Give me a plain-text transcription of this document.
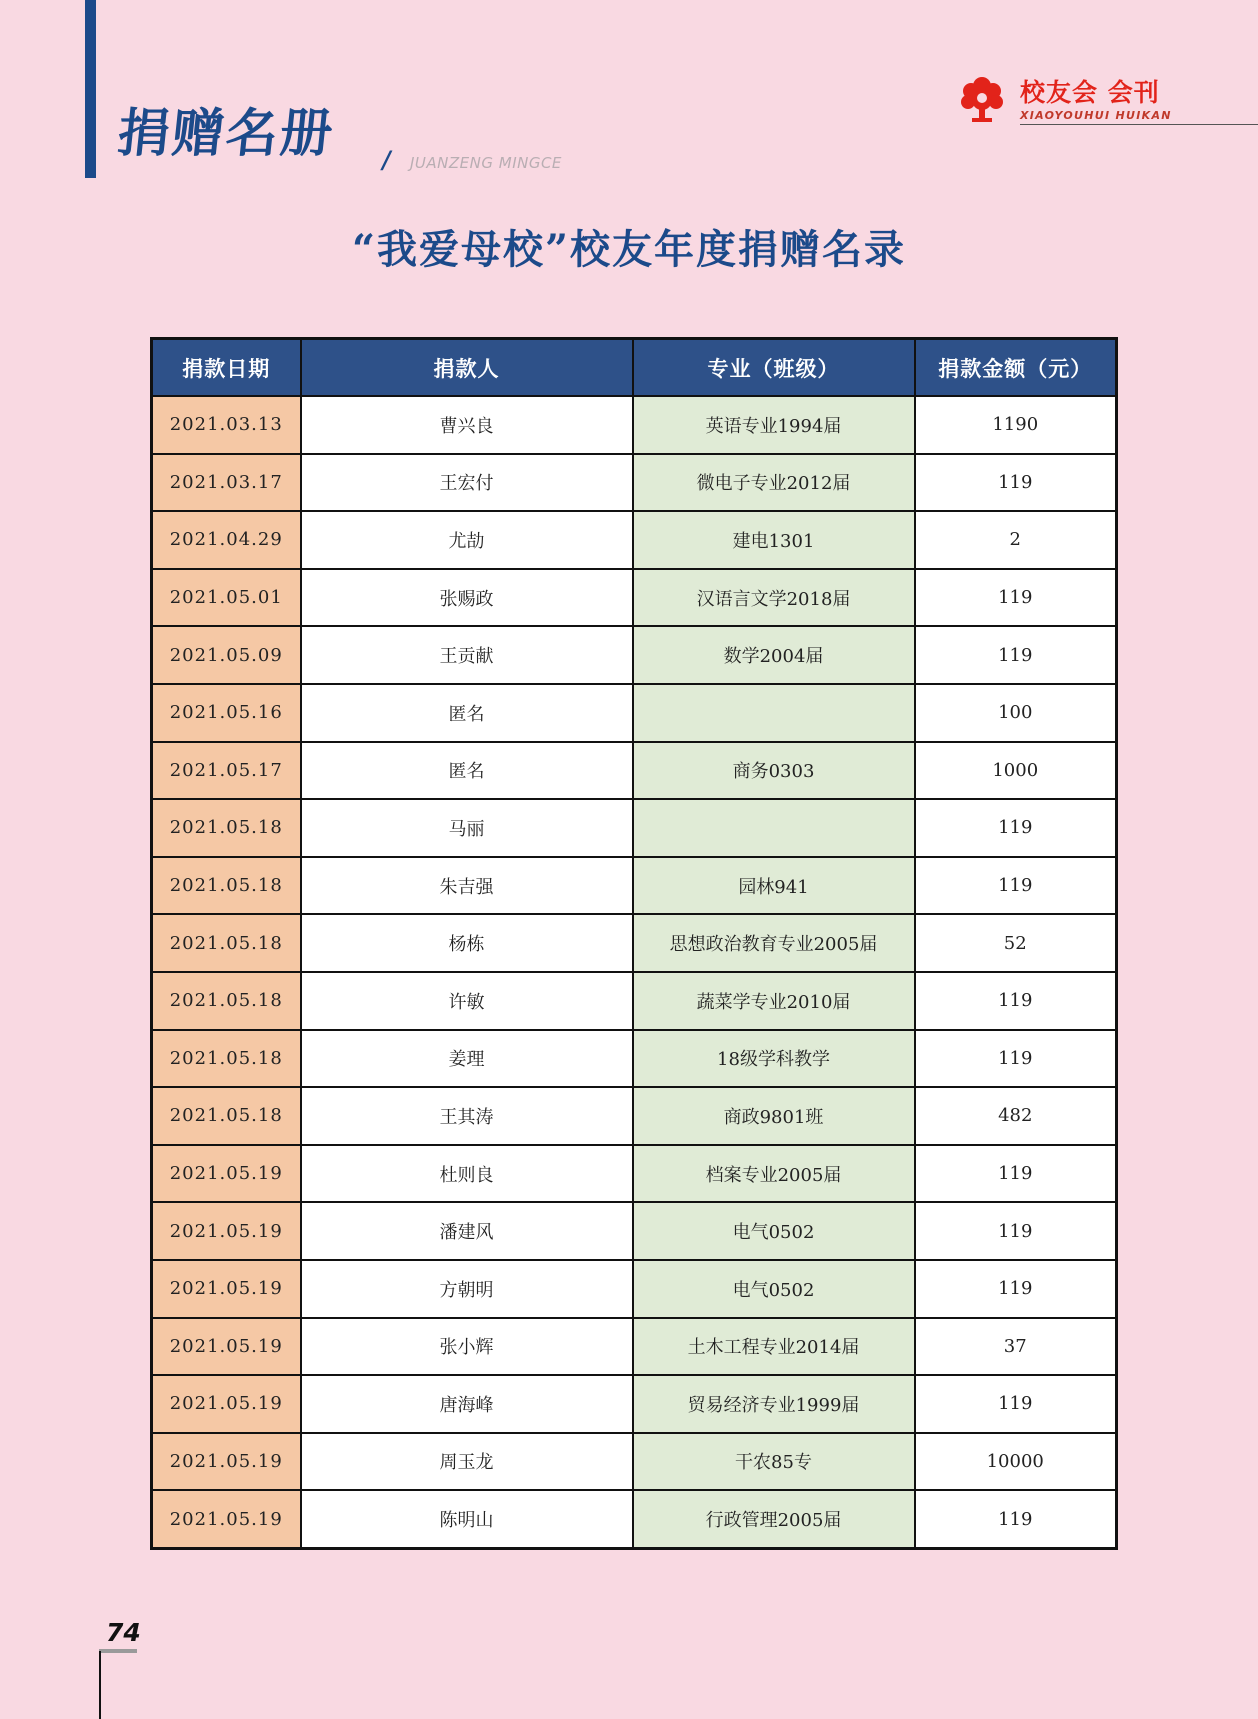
捐赠名册 / JUANZENG MINGCE
校友会 会刊
XIAOYOUHUI HUIKAN
“我爱母校”校友年度捐赠名录
捐款日期	捐款人	专业（班级）	捐款金额（元）
2021.03.13	曹兴良	英语专业1994届	1190
2021.03.17	王宏付	微电子专业2012届	119
2021.04.29	尤劼	建电1301	2
2021.05.01	张赐政	汉语言文学2018届	119
2021.05.09	王贡献	数学2004届	119
2021.05.16	匿名		100
2021.05.17	匿名	商务0303	1000
2021.05.18	马丽		119
2021.05.18	朱吉强	园林941	119
2021.05.18	杨栋	思想政治教育专业2005届	52
2021.05.18	许敏	蔬菜学专业2010届	119
2021.05.18	姜理	18级学科教学	119
2021.05.18	王其涛	商政9801班	482
2021.05.19	杜则良	档案专业2005届	119
2021.05.19	潘建风	电气0502	119
2021.05.19	方朝明	电气0502	119
2021.05.19	张小辉	土木工程专业2014届	37
2021.05.19	唐海峰	贸易经济专业1999届	119
2021.05.19	周玉龙	干农85专	10000
2021.05.19	陈明山	行政管理2005届	119
74
